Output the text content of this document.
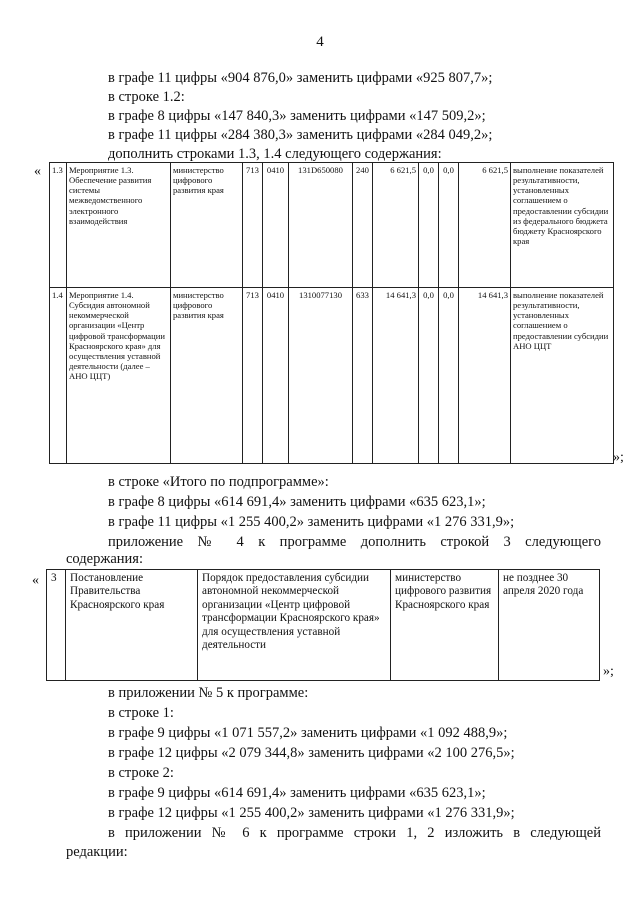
4
в графе 11 цифры «904 876,0» заменить цифрами «925 807,7»;
в строке 1.2:
в графе 8 цифры «147 840,3» заменить цифрами «147 509,2»;
в графе 11 цифры «284 380,3» заменить цифрами «284 049,2»;
дополнить строками 1.3, 1.4 следующего содержания:
« 1.3	Мероприятие 1.3. Обеспечение развития системы межведомственного электронного взаимодействия	министерство цифрового развития края	713	0410	131D650080	240	6 621,5	0,0	0,0	6 621,5	выполнение показателей результативности, установленных соглашением о предоставлении субсидии из федерального бюджета бюджету Красноярского края
1.4	Мероприятие 1.4. Субсидия автономной некоммерческой организации «Центр цифровой трансформации Красноярского края» для осуществления уставной деятельности (далее – АНО ЦЦТ)	министерство цифрового развития края	713	0410	1310077130	633	14 641,3	0,0	0,0	14 641,3	выполнение показателей результативности, установленных соглашением о предоставлении субсидии АНО ЦЦТ
»;
в строке «Итого по подпрограмме»:
в графе 8 цифры «614 691,4» заменить цифрами «635 623,1»;
в графе 11 цифры «1 255 400,2» заменить цифрами «1 276 331,9»;
приложение № 4 к программе дополнить строкой 3 следующего
содержания:
« 3	Постановление Правительства Красноярского края	Порядок предоставления субсидии автономной некоммерческой организации «Центр цифровой трансформации Красноярского края» для осуществления уставной деятельности	министерство цифрового развития Красноярского края	не позднее 30 апреля 2020 года
»;
в приложении № 5 к программе:
в строке 1:
в графе 9 цифры «1 071 557,2» заменить цифрами «1 092 488,9»;
в графе 12 цифры «2 079 344,8» заменить цифрами «2 100 276,5»;
в строке 2:
в графе 9 цифры «614 691,4» заменить цифрами «635 623,1»;
в графе 12 цифры «1 255 400,2» заменить цифрами «1 276 331,9»;
в приложении № 6 к программе строки 1, 2 изложить в следующей
редакции:
